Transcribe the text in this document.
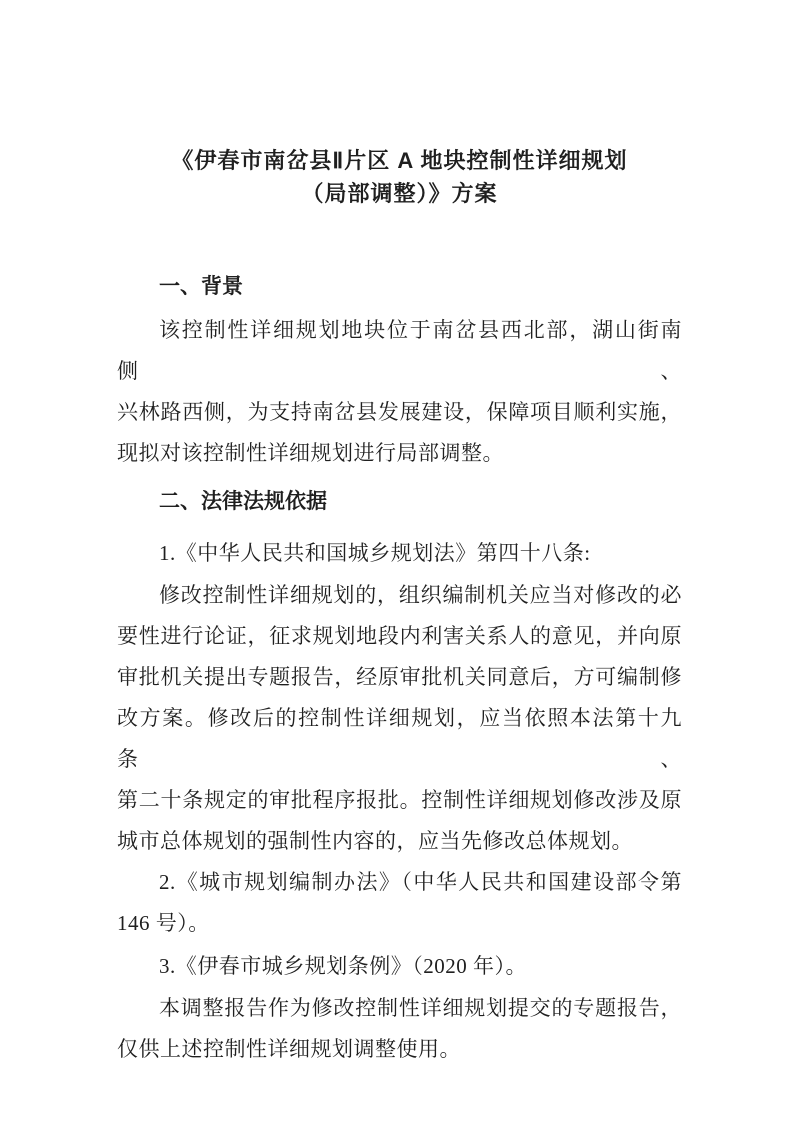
《伊春市南岔县Ⅱ片区 A 地块控制性详细规划
（局部调整）》方案
一、背景
该控制性详细规划地块位于南岔县西北部，湖山街南侧、
兴林路西侧，为支持南岔县发展建设，保障项目顺利实施，
现拟对该控制性详细规划进行局部调整。
二、法律法规依据
1.《中华人民共和国城乡规划法》第四十八条:
修改控制性详细规划的，组织编制机关应当对修改的必
要性进行论证，征求规划地段内利害关系人的意见，并向原
审批机关提出专题报告，经原审批机关同意后，方可编制修
改方案。修改后的控制性详细规划，应当依照本法第十九条、
第二十条规定的审批程序报批。控制性详细规划修改涉及原
城市总体规划的强制性内容的，应当先修改总体规划。
2.《城市规划编制办法》（中华人民共和国建设部令第
146 号）。
3.《伊春市城乡规划条例》（2020 年）。
本调整报告作为修改控制性详细规划提交的专题报告，
仅供上述控制性详细规划调整使用。
